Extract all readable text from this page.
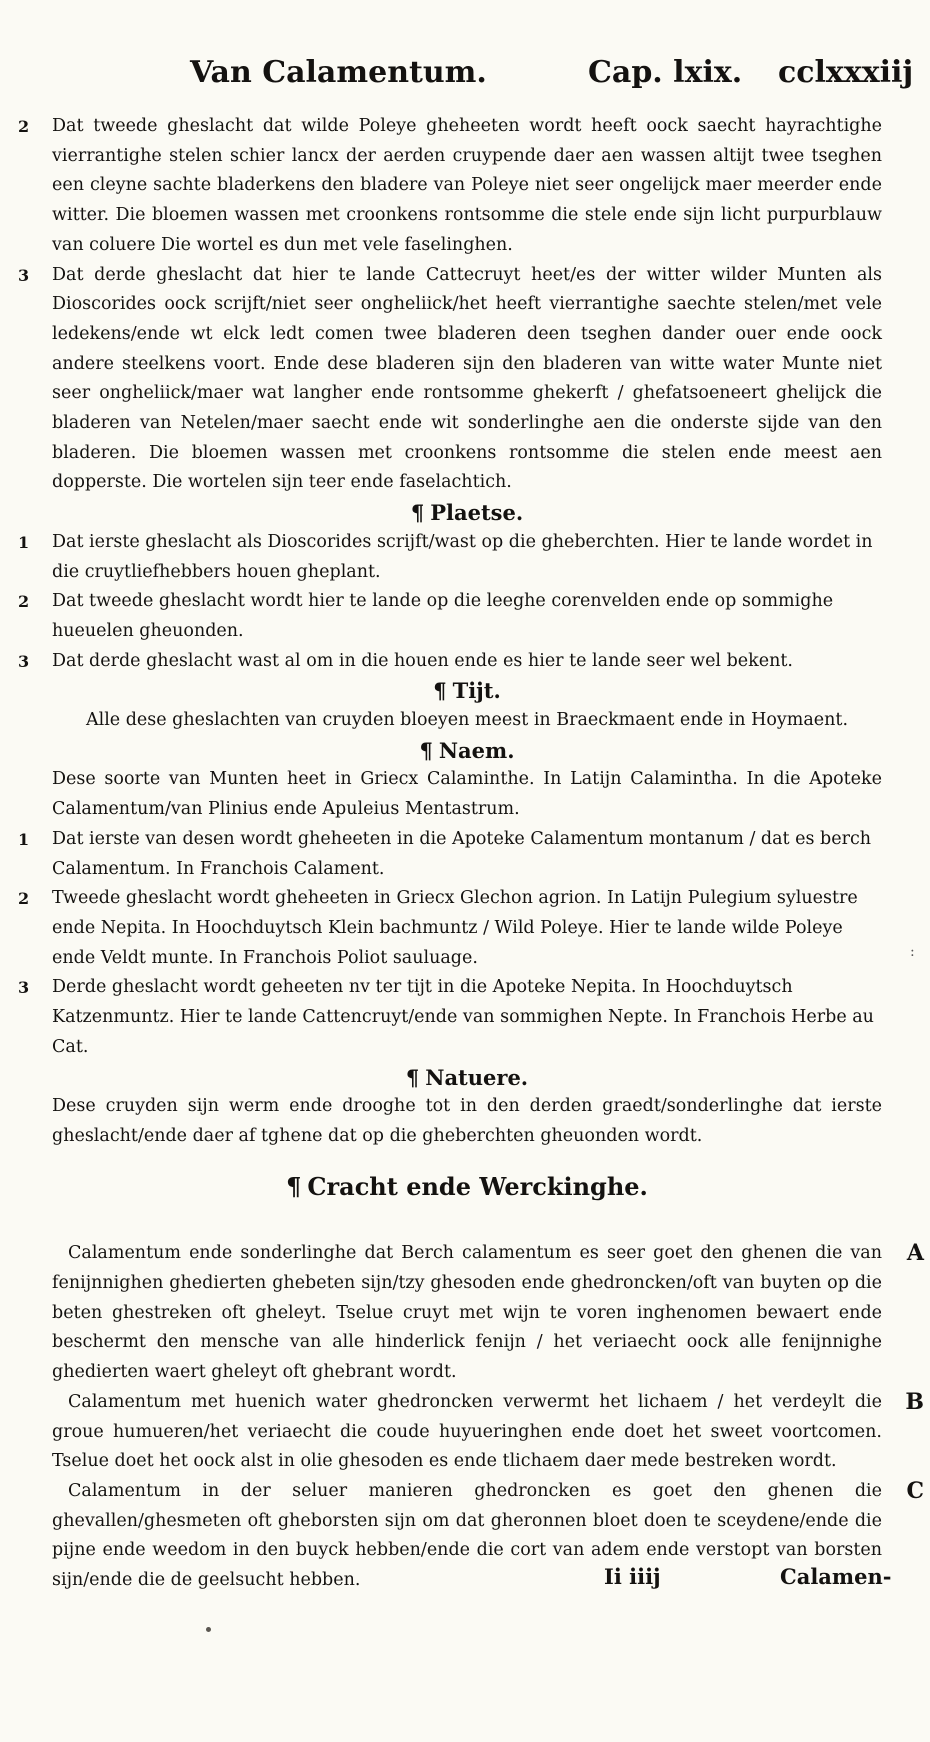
Van Calamentum.	Cap. lxix. cclxxxiij

2 Dat tweede gheslacht dat wilde Poleye gheheeten wordt heeft oock saecht hayrachtighe vierrantighe stelen schier lancx der aerden cruypende daer aen wassen altijt twee tseghen een cleyne sachte bladerkens den bladere van Poleye niet seer ongelijck maer meerder ende witter. Die bloemen wassen met croonkens rontsomme die stele ende sijn licht purpurblauw van coluere Die wortel es dun met vele faselinghen.

3 Dat derde gheslacht dat hier te lande Cattecruyt heet/es der witter wilder Munten als Dioscorides oock scrijft/niet seer ongheliick/het heeft vierrantighe saechte stelen/met vele ledekens/ende wt elck ledt comen twee bladeren deen tseghen dander ouer ende oock andere steelkens voort. Ende dese bladeren sijn den bladeren van witte water Munte niet seer ongheliick/maer wat langher ende rontsomme ghekerft / ghefatsoeneert ghelijck die bladeren van Netelen/maer saecht ende wit sonderlinghe aen die onderste sijde van den bladeren. Die bloemen wassen met croonkens rontsomme die stelen ende meest aen dopperste. Die wortelen sijn teer ende faselachtich.

¶ Plaetse.

1 Dat ierste gheslacht als Dioscorides scrijft/wast op die gheberchten. Hier te lande wordet in die cruytliefhebbers houen gheplant.

2 Dat tweede gheslacht wordt hier te lande op die leeghe corenvelden ende op sommighe hueuelen gheuonden.

3 Dat derde gheslacht wast al om in die houen ende es hier te lande seer wel bekent.

¶ Tijt.

Alle dese gheslachten van cruyden bloeyen meest in Braeckmaent ende in Hoymaent.

¶ Naem.

Dese soorte van Munten heet in Griecx Calaminthe. In Latijn Calamintha. In die Apoteke Calamentum/van Plinius ende Apuleius Mentastrum.

1 Dat ierste van desen wordt gheheeten in die Apoteke Calamentum montanum / dat es berch Calamentum. In Franchois Calament.

2 Tweede gheslacht wordt gheheeten in Griecx Glechon agrion. In Latijn Pulegium syluestre ende Nepita. In Hoochduytsch Klein bachmuntz / Wild Poleye. Hier te lande wilde Poleye ende Veldt munte. In Franchois Poliot sauluage.

3 Derde gheslacht wordt geheeten nv ter tijt in die Apoteke Nepita. In Hoochduytsch Katzenmuntz. Hier te lande Cattencruyt/ende van sommighen Nepte. In Franchois Herbe au Cat.

¶ Natuere.

Dese cruyden sijn werm ende drooghe tot in den derden graedt/sonderlinghe dat ierste gheslacht/ende daer af tghene dat op die gheberchten gheuonden wordt.

¶ Cracht ende Werckinghe.

A
Calamentum ende sonderlinghe dat Berch calamentum es seer goet den ghenen die van fenijnnighen ghedierten ghebeten sijn/tzy ghesoden ende ghedroncken/oft van buyten op die beten ghestreken oft gheleyt. Tselue cruyt met wijn te voren inghenomen bewaert ende beschermt den mensche van alle hinderlick fenijn / het veriaecht oock alle fenijnnighe ghedierten waert gheleyt oft ghebrant wordt.

B
Calamentum met huenich water ghedroncken verwermt het lichaem / het verdeylt die groue humueren/het veriaecht die coude huyueringhen ende doet het sweet voortcomen. Tselue doet het oock alst in olie ghesoden es ende tlichaem daer mede bestreken wordt.

C
Calamentum in der seluer manieren ghedroncken es goet den ghenen die ghevallen/ghesmeten oft gheborsten sijn om dat gheronnen bloet doen te sceydene/ende die pijne ende weedom in den buyck hebben/ende die cort van adem ende verstopt van borsten sijn/ende die de geelsucht hebben.	Ii iiij	Calamen-
:
